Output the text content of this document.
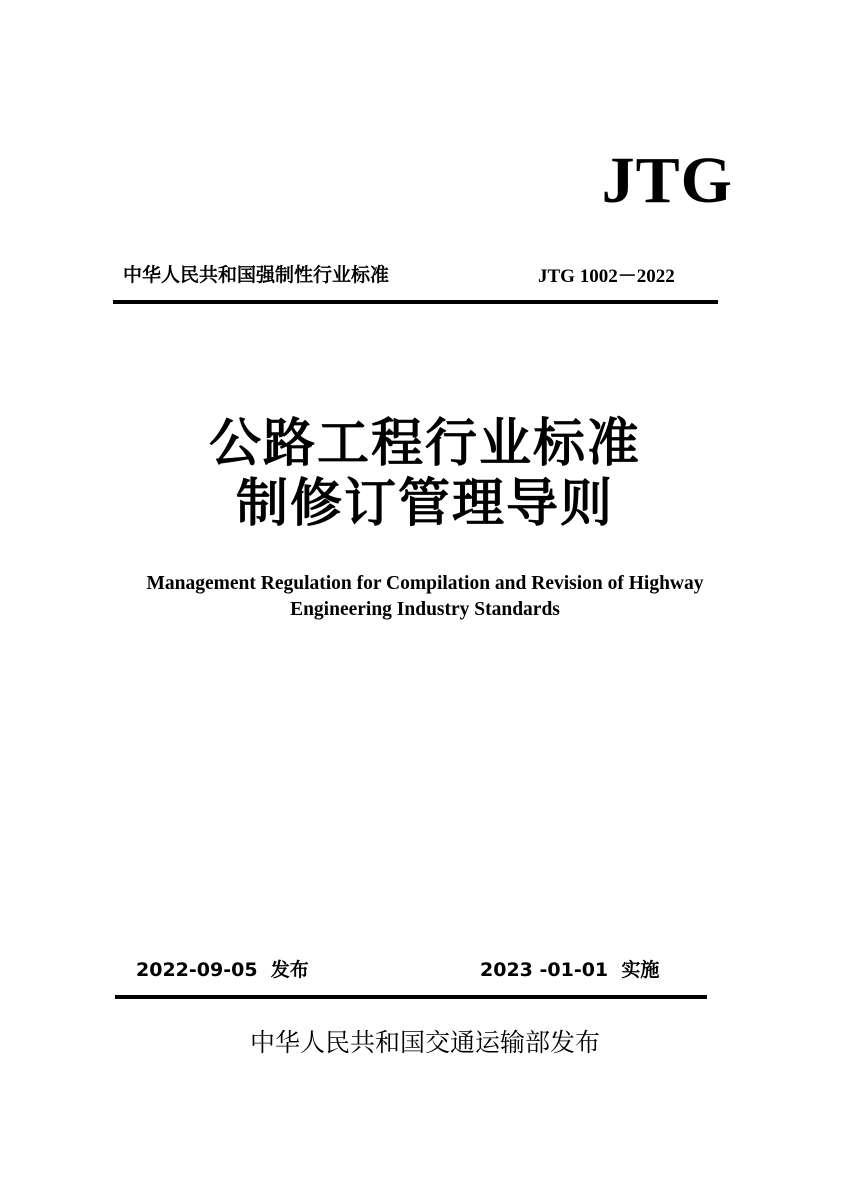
JTG
中华人民共和国强制性行业标准	JTG 1002－2022
公路工程行业标准
制修订管理导则
Management Regulation for Compilation and Revision of Highway
Engineering Industry Standards
2022-09-05 发布	2023 -01-01 实施
中华人民共和国交通运输部发布
